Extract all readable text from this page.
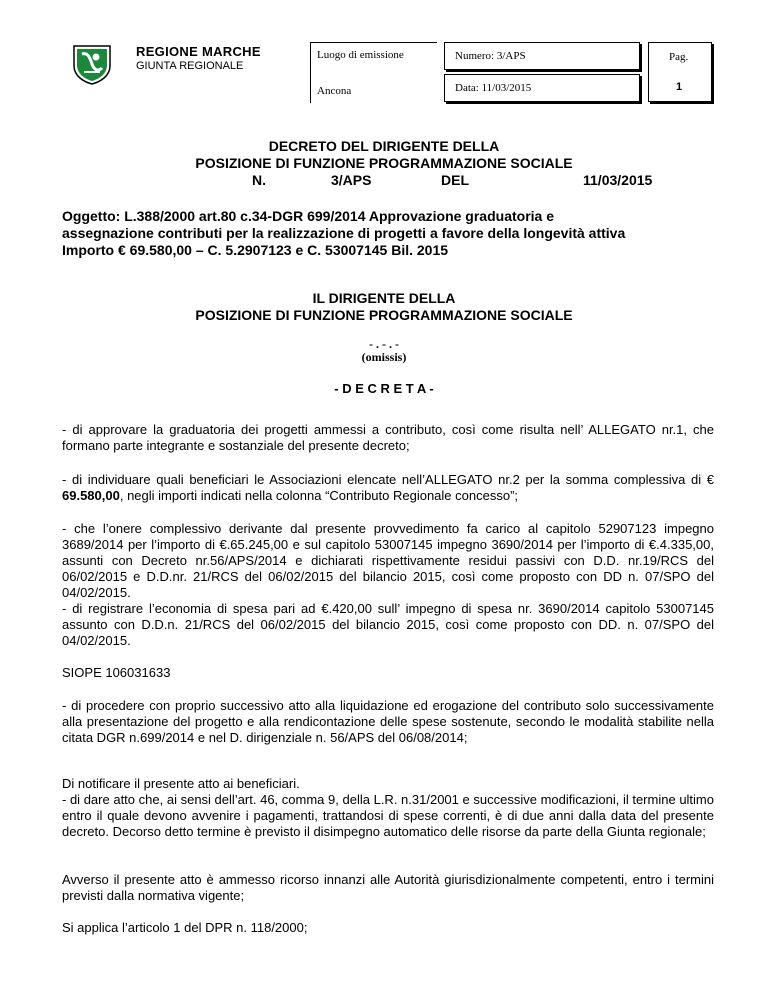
REGIONE MARCHE
GIUNTA REGIONALE
Luogo di emissione
Ancona
Numero: 3/APS
Data: 11/03/2015
Pag.
1
DECRETO DEL DIRIGENTE DELLA
POSIZIONE DI FUNZIONE PROGRAMMAZIONE SOCIALE
N.	3/APS	DEL	11/03/2015
Oggetto: L.388/2000 art.80 c.34-DGR 699/2014 Approvazione graduatoria e
assegnazione contributi per la realizzazione di progetti a favore della longevità attiva
Importo € 69.580,00 – C. 5.2907123 e C. 53007145 Bil. 2015
IL DIRIGENTE DELLA
POSIZIONE DI FUNZIONE PROGRAMMAZIONE SOCIALE
- . - . -
(omissis)
- D E C R E T A -

- di approvare la graduatoria dei progetti ammessi a contributo, così come risulta nell’ ALLEGATO nr.1, che formano parte integrante e sostanziale del presente decreto;

- di individuare quali beneficiari le Associazioni elencate nell’ALLEGATO nr.2 per la somma complessiva di € 69.580,00, negli importi indicati nella colonna “Contributo Regionale concesso”;

- che l’onere complessivo derivante dal presente provvedimento fa carico al capitolo 52907123 impegno 3689/2014 per l’importo di €.65.245,00 e sul capitolo 53007145 impegno 3690/2014 per l’importo di €.4.335,00, assunti con Decreto nr.56/APS/2014 e dichiarati rispettivamente residui passivi con D.D. nr.19/RCS del 06/02/2015 e D.D.nr. 21/RCS del 06/02/2015 del bilancio 2015, così come proposto con DD n. 07/SPO del 04/02/2015.

- di registrare l’economia di spesa pari ad €.420,00 sull’ impegno di spesa nr. 3690/2014 capitolo 53007145 assunto con D.D.n. 21/RCS del 06/02/2015 del bilancio 2015, così come proposto con DD. n. 07/SPO del 04/02/2015.

SIOPE 106031633

- di procedere con proprio successivo atto alla liquidazione ed erogazione del contributo solo successivamente alla presentazione del progetto e alla rendicontazione delle spese sostenute, secondo le modalità stabilite nella citata DGR n.699/2014 e nel D. dirigenziale n. 56/APS del 06/08/2014;

Di notificare il presente atto ai beneficiari.

- di dare atto che, ai sensi dell’art. 46, comma 9, della L.R. n.31/2001 e successive modificazioni, il termine ultimo entro il quale devono avvenire i pagamenti, trattandosi di spese correnti, è di due anni dalla data del presente decreto. Decorso detto termine è previsto il disimpegno automatico delle risorse da parte della Giunta regionale;

Avverso il presente atto è ammesso ricorso innanzi alle Autorità giurisdizionalmente competenti, entro i termini previsti dalla normativa vigente;

Si applica l’articolo 1 del DPR n. 118/2000;
